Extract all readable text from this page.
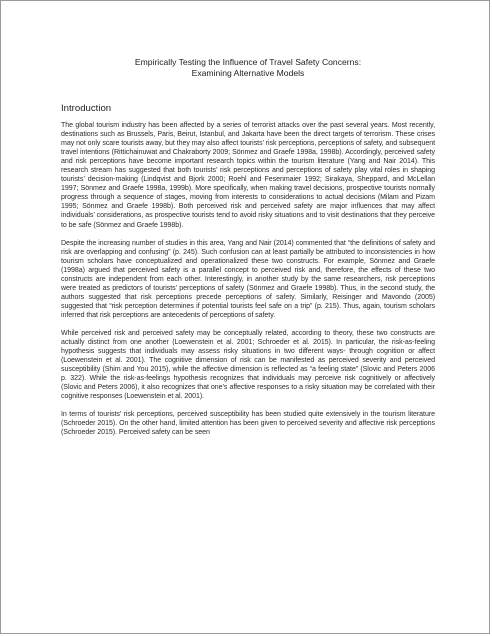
Empirically Testing the Influence of Travel Safety Concerns:
Examining Alternative Models
Introduction

The global tourism industry has been affected by a series of terrorist attacks over the past several years. Most recently, destinations such as Brussels, Paris, Beirut, Istanbul, and Jakarta have been the direct targets of terrorism. These crises may not only scare tourists away, but they may also affect tourists’ risk perceptions, perceptions of safety, and subsequent travel intentions (Rittichainuwat and Chakraborty 2009; Sönmez and Graefe 1998a, 1998b). Accordingly, perceived safety and risk perceptions have become important research topics within the tourism literature (Yang and Nair 2014). This research stream has suggested that both tourists’ risk perceptions and perceptions of safety play vital roles in shaping tourists’ decision-making (Lindqvist and Bjork 2000; Roehl and Fesenmaier 1992; Sirakaya, Sheppard, and McLellan 1997; Sönmez and Graefe 1998a, 1999b). More specifically, when making travel decisions, prospective tourists normally progress through a sequence of stages, moving from interests to considerations to actual decisions (Milam and Pizam 1995; Sönmez and Graefe 1998b). Both perceived risk and perceived safety are major influences that may affect individuals’ considerations, as prospective tourists tend to avoid risky situations and to visit destinations that they perceive to be safe (Sönmez and Graefe 1998b).

Despite the increasing number of studies in this area, Yang and Nair (2014) commented that “the definitions of safety and risk are overlapping and confusing” (p. 245). Such confusion can at least partially be attributed to inconsistencies in how tourism scholars have conceptualized and operationalized these two constructs. For example, Sönmez and Graefe (1998a) argued that perceived safety is a parallel concept to perceived risk and, therefore, the effects of these two constructs are independent from each other. Interestingly, in another study by the same researchers, risk perceptions were treated as predictors of tourists’ perceptions of safety (Sönmez and Graefe 1998b). Thus, in the second study, the authors suggested that risk perceptions precede perceptions of safety. Similarly, Reisinger and Mavondo (2005) suggested that “risk perception determines if potential tourists feel safe on a trip” (p. 215). Thus, again, tourism scholars inferred that risk perceptions are antecedents of perceptions of safety.

While perceived risk and perceived safety may be conceptually related, according to theory, these two constructs are actually distinct from one another (Loewenstein et al. 2001; Schroeder et al. 2015). In particular, the risk-as-feeling hypothesis suggests that individuals may assess risky situations in two different ways- through cognition or affect (Loewenstein et al. 2001). The cognitive dimension of risk can be manifested as perceived severity and perceived susceptibility (Shim and You 2015), while the affective dimension is reflected as “a feeling state” (Slovic and Peters 2006 p. 322). While the risk-as-feelings hypothesis recognizes that individuals may perceive risk cognitively or affectively (Slovic and Peters 2006), it also recognizes that one’s affective responses to a risky situation may be correlated with their cognitive responses (Loewenstein et al. 2001).

In terms of tourists’ risk perceptions, perceived susceptibility has been studied quite extensively in the tourism literature (Schroeder 2015). On the other hand, limited attention has been given to perceived severity and affective risk perceptions (Schroeder 2015). Perceived safety can be seen
